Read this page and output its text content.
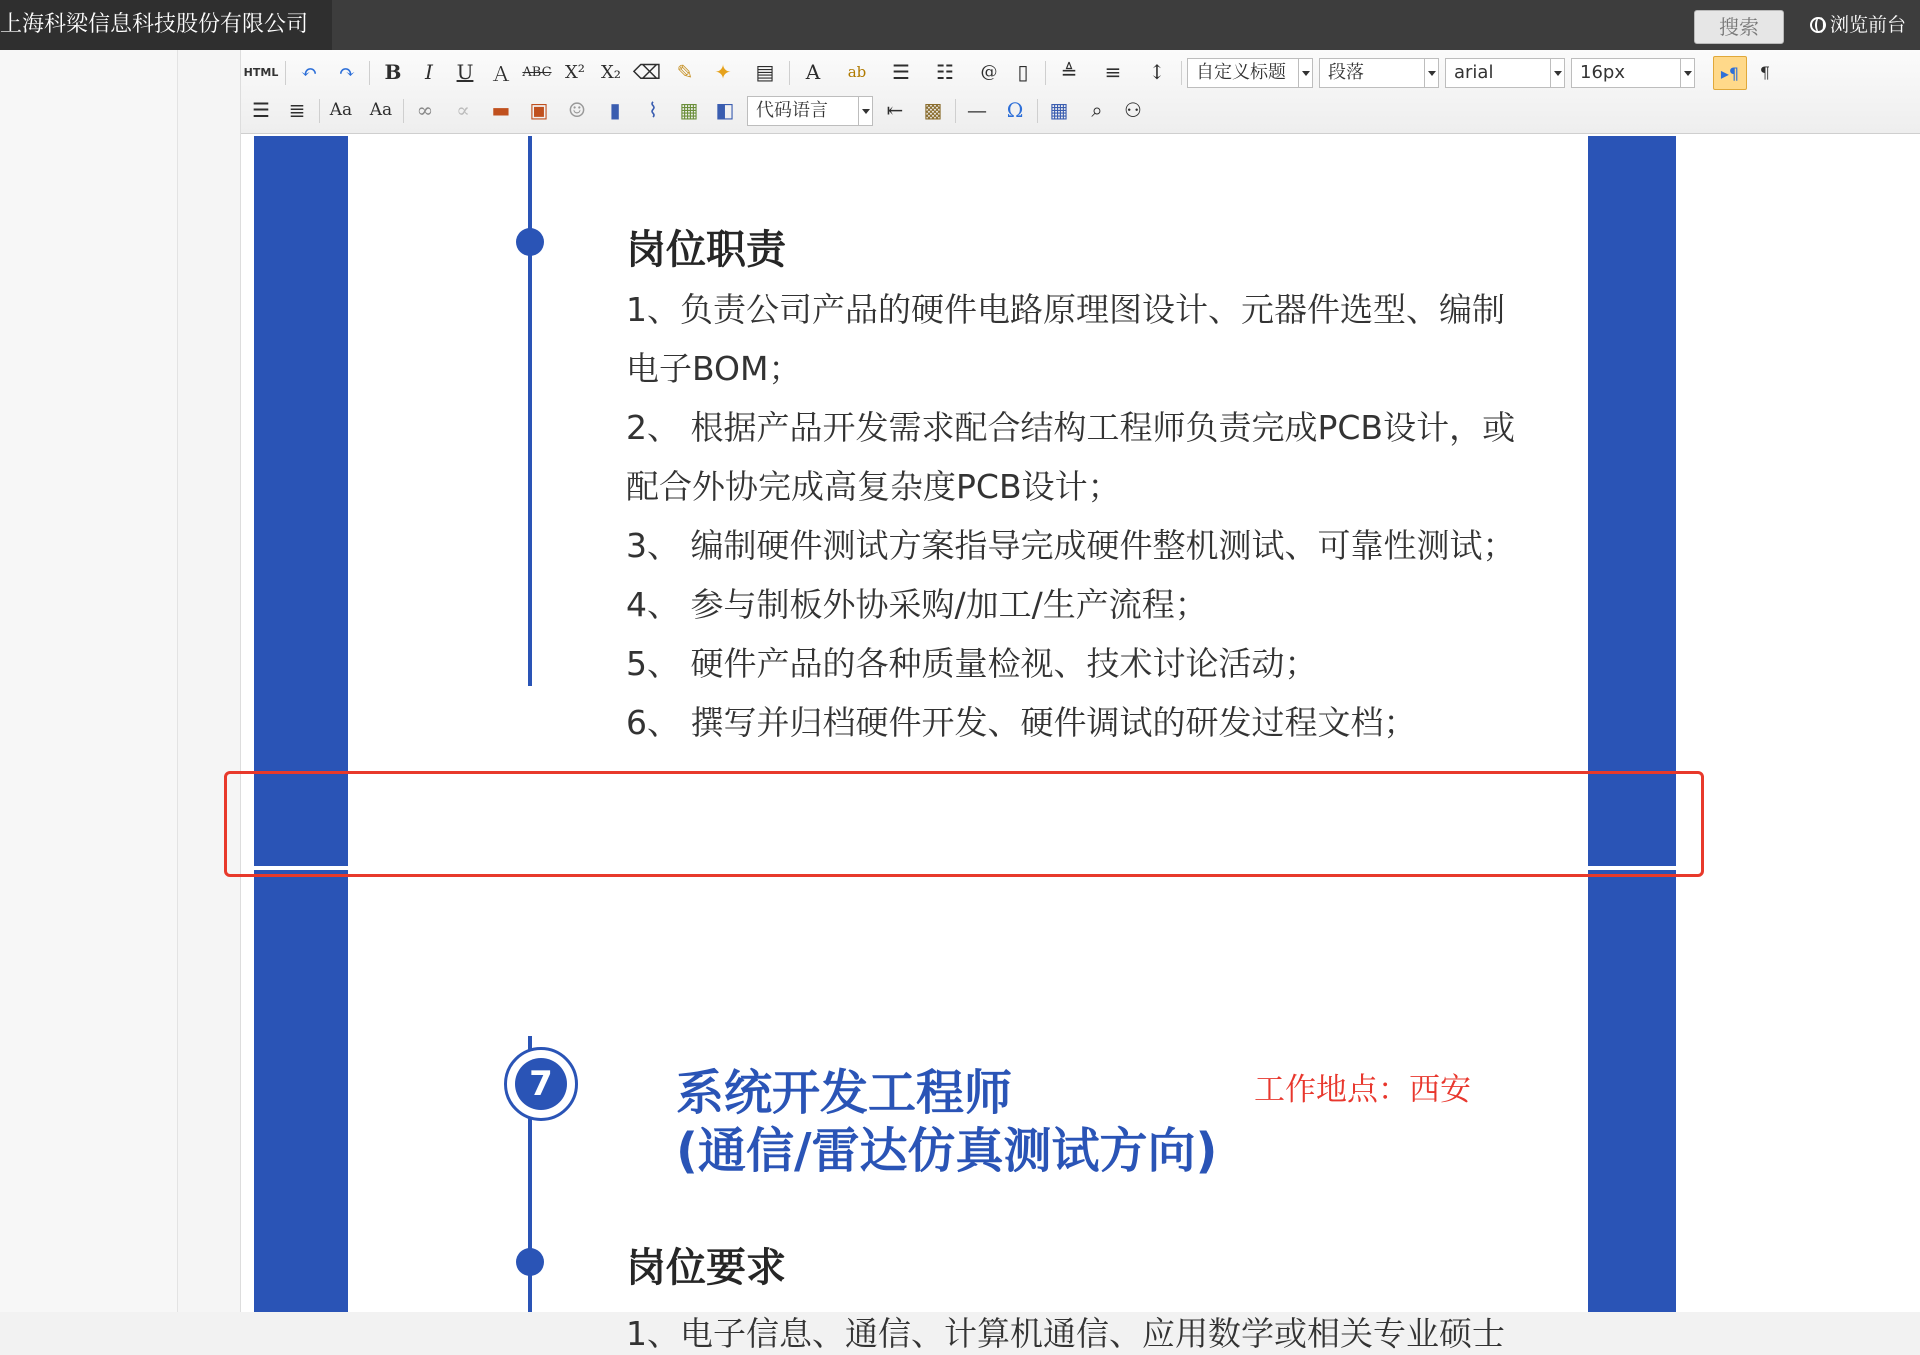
上海科梁信息科技股份有限公司	搜索	浏览前台
HTML	↶	↷	B	I	U Ａ ABC X² X₂ ⌫ ✎	✦	▤	A	ab	☰	☷	@ ▯	≜	≡	↕	自定义标题	段落	arial	16px	▸¶	¶
☰ ≣	Aa Aa	∞	∝	▬ ▣ ☺	▮	⌇	▦ ◧	代码语言	⇤	▩	— Ω	▦	⌕	⚇
岗位职责
1、负责公司产品的硬件电路原理图设计、元器件选型、编制
电子BOM；
2、 根据产品开发需求配合结构工程师负责完成PCB设计，或
配合外协完成高复杂度PCB设计；
3、 编制硬件测试方案指导完成硬件整机测试、可靠性测试；
4、 参与制板外协采购/加工/生产流程；
5、 硬件产品的各种质量检视、技术讨论活动；
6、 撰写并归档硬件开发、硬件调试的研发过程文档；
7	系统开发工程师
(通信/雷达仿真测试方向)
工作地点：西安
岗位要求
1、电子信息、通信、计算机通信、应用数学或相关专业硕士
